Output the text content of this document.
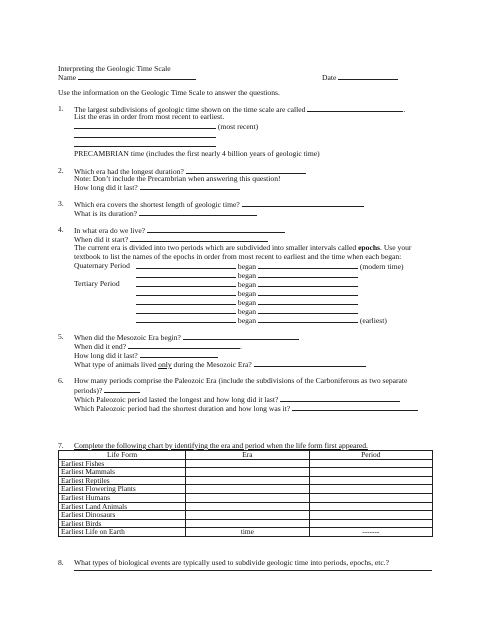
Interpreting the Geologic Time Scale
Name	Date
Use the information on the Geologic Time Scale to answer the questions.
1. The largest subdivisions of geologic time shown on the time scale are called	.
List the eras in order from most recent to earliest.
(most recent)
PRECAMBRIAN time (includes the first nearly 4 billion years of geologic time)
2. Which era had the longest duration?
Note: Don’t include the Precambrian when answering this question!
How long did it last?
3. Which era covers the shortest length of geologic time?
What is its duration?
4. In what era do we live?
When did it start?
The current era is divided into two periods which are subdivided into smaller intervals called epochs. Use your
textbook to list the names of the epochs in order from most recent to earliest and the time when each began:
Quaternary Period	began	(modern time)
began
Tertiary Period	began
began
began
began
began	(earliest)
5. When did the Mesozoic Era begin?
When did it end?	.
How long did it last?
What type of animals lived only during the Mesozoic Era?
6. How many periods comprise the Paleozoic Era (include the subdivisions of the Carboniferous as two separate
periods)?
Which Paleozoic period lasted the longest and how long did it last?
Which Paleozoic period had the shortest duration and how long was it?
7. Complete the following chart by identifying the era and period when the life form first appeared.
Life Form	Era	Period
Earliest Fishes		
Earliest Mammals		
Earliest Reptiles		
Earliest Flowering Plants		
Earliest Humans		
Earliest Land Animals		
Earliest Dinosaurs		
Earliest Birds		
Earliest Life on Earth	time	-------
8. What types of biological events are typically used to subdivide geologic time into periods, epochs, etc.?
